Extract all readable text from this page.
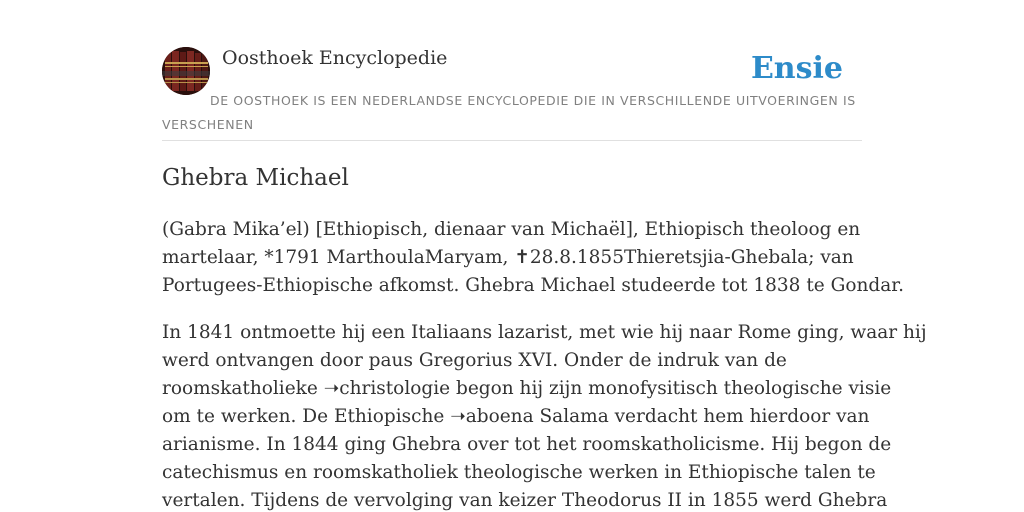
Oosthoek Encyclopedie	Ensie
DE OOSTHOEK IS EEN NEDERLANDSE ENCYCLOPEDIE DIE IN VERSCHILLENDE UITVOERINGEN IS VERSCHENEN
Ghebra Michael

(Gabra Mika’el) [Ethiopisch, dienaar van Michaël], Ethiopisch theoloog en
martelaar, *1791 MarthoulaMaryam, ✝28.8.1855Thieretsjia-Ghebala; van
Portugees-Ethiopische afkomst. Ghebra Michael studeerde tot 1838 te Gondar.

In 1841 ontmoette hij een Italiaans lazarist, met wie hij naar Rome ging, waar hij
werd ontvangen door paus Gregorius XVI. Onder de indruk van de
roomskatholieke ➝christologie begon hij zijn monofysitisch theologische visie
om te werken. De Ethiopische ➝aboena Salama verdacht hem hierdoor van
arianisme. In 1844 ging Ghebra over tot het roomskatholicisme. Hij begon de
catechismus en roomskatholiek theologische werken in Ethiopische talen te
vertalen. Tijdens de vervolging van keizer Theodorus II in 1855 werd Ghebra
